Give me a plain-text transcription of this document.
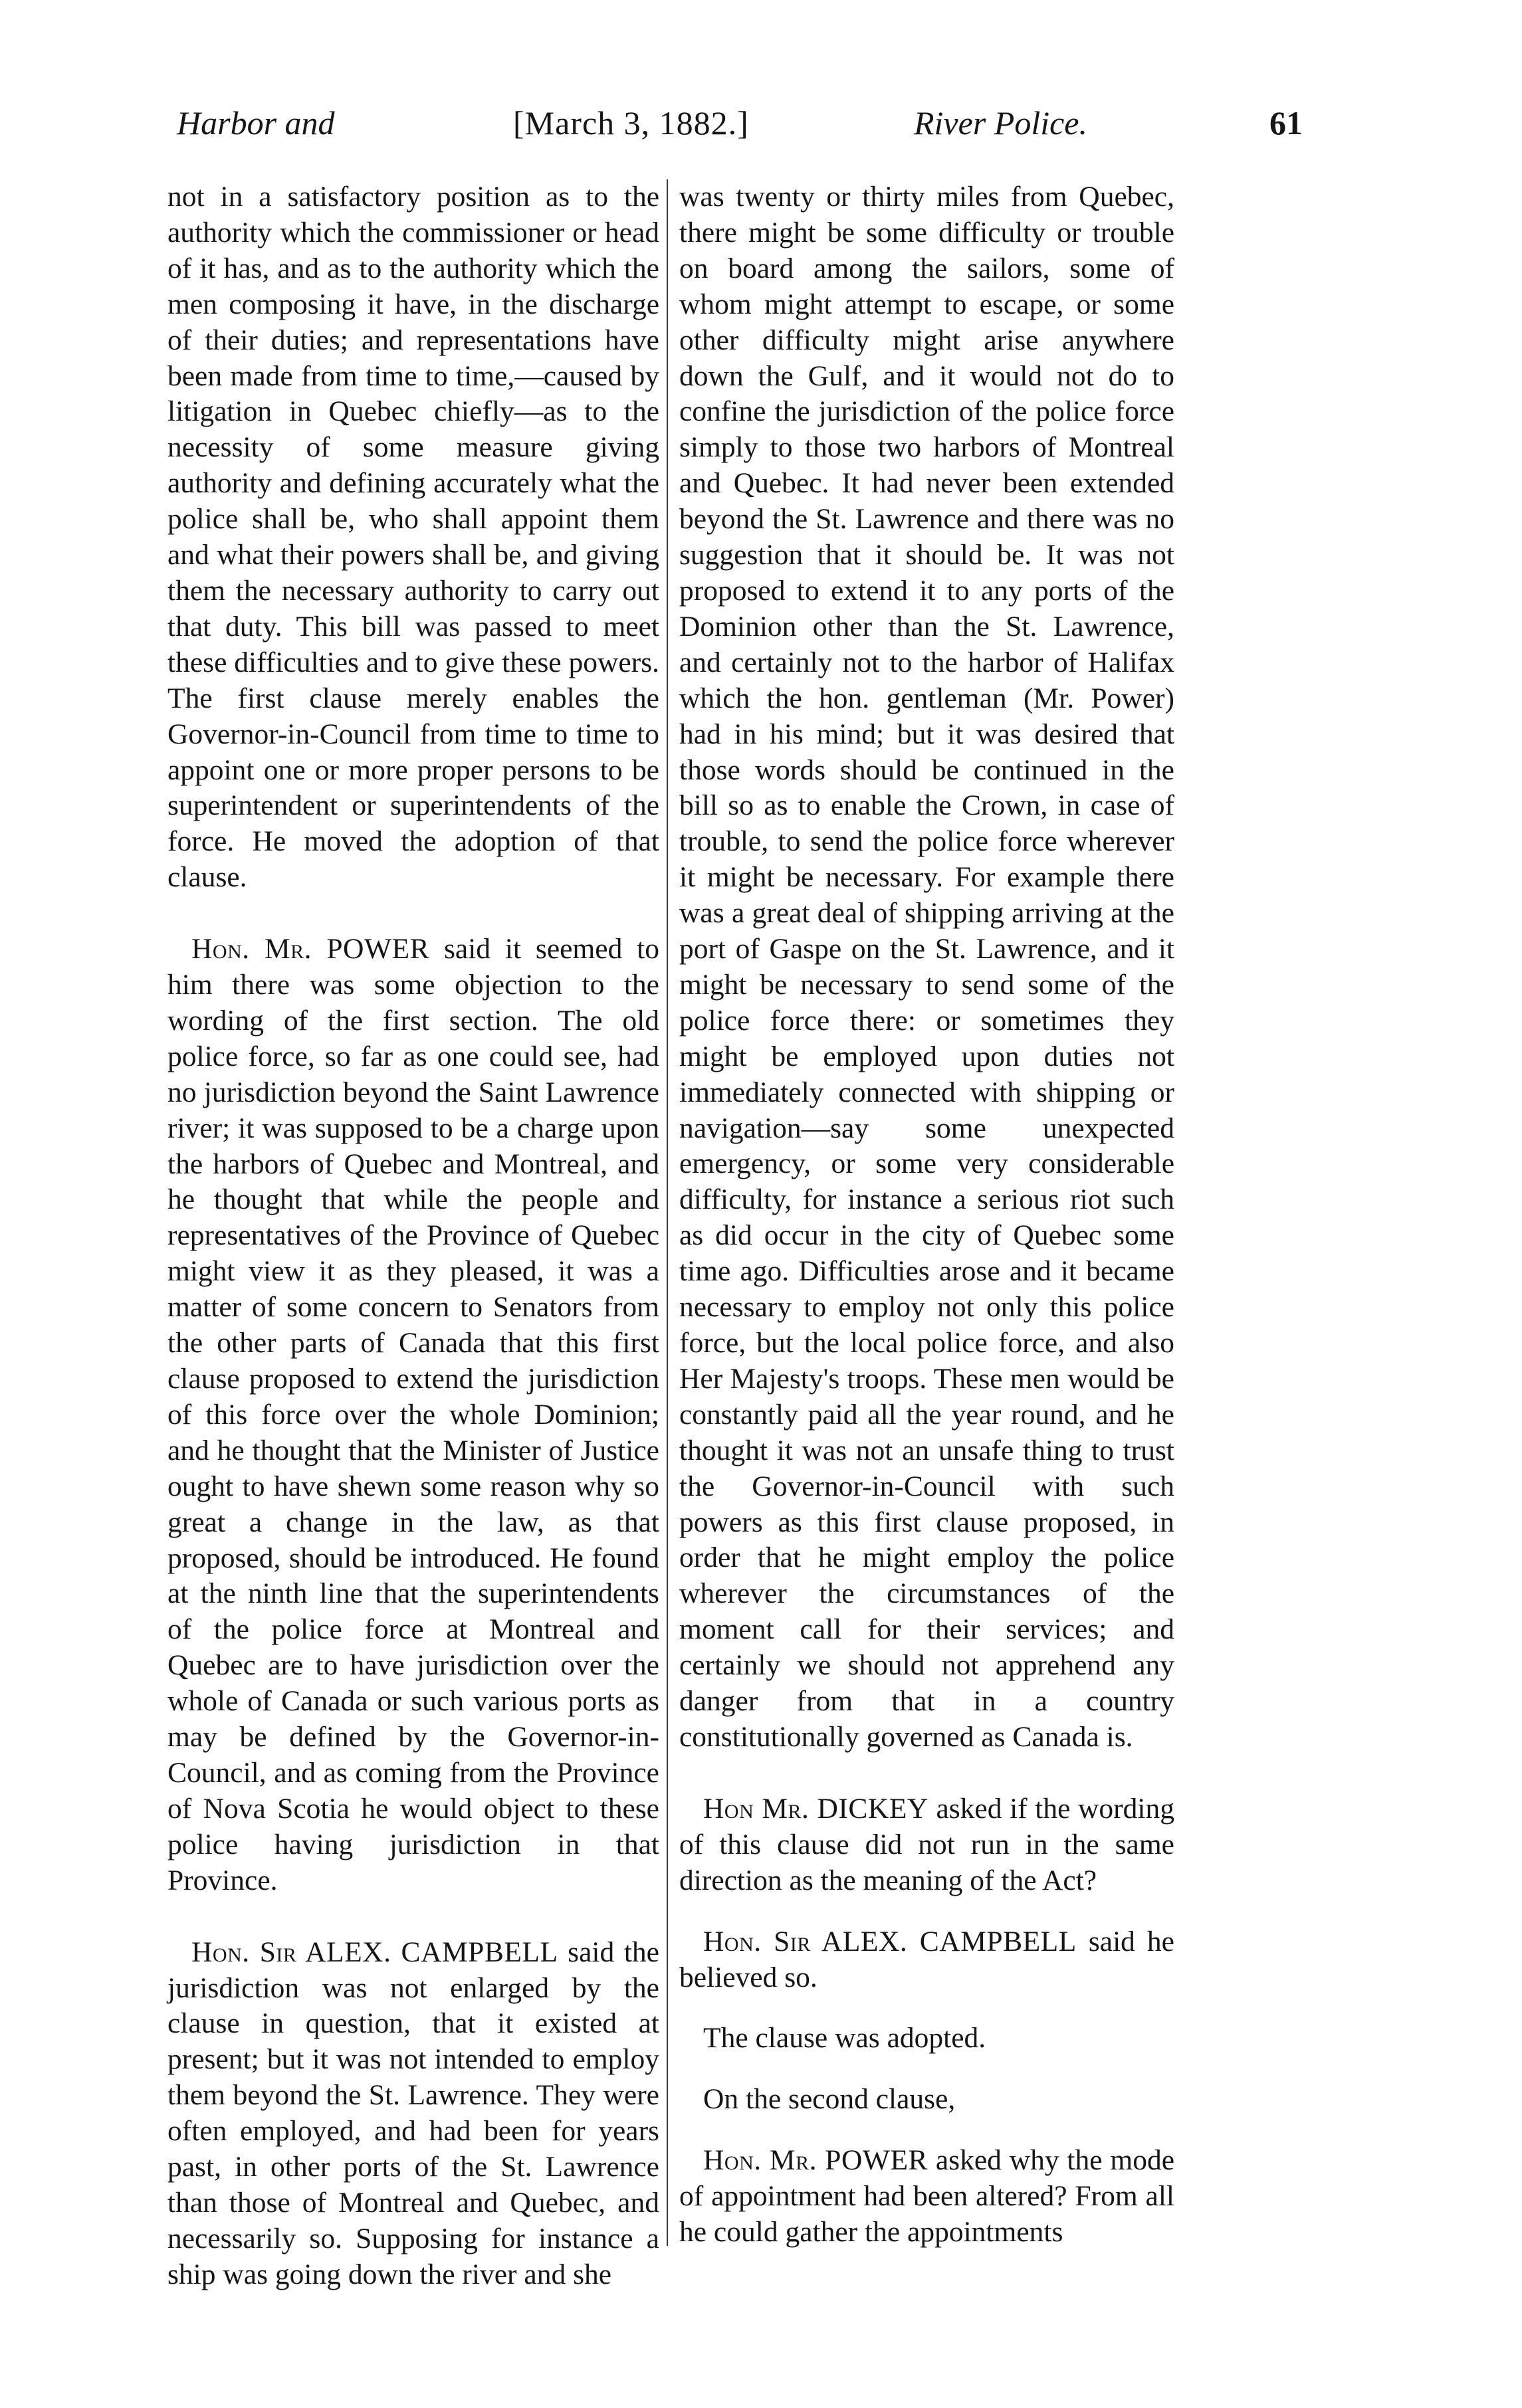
Harbor and	[March 3, 1882.]	River Police.	61

not in a satisfactory position as to the authority which the commissioner or head of it has, and as to the authority which the men composing it have, in the discharge of their duties; and representations have been made from time to time,—caused by litigation in Quebec chiefly—as to the necessity of some measure giving authority and defining accurately what the police shall be, who shall appoint them and what their powers shall be, and giving them the necessary authority to carry out that duty. This bill was passed to meet these difficulties and to give these powers. The first clause merely enables the Governor-in-Council from time to time to appoint one or more proper persons to be superintendent or superintendents of the force. He moved the adoption of that clause.

Hon. Mr. POWER said it seemed to him there was some objection to the wording of the first section. The old police force, so far as one could see, had no jurisdiction beyond the Saint Lawrence river; it was supposed to be a charge upon the harbors of Quebec and Montreal, and he thought that while the people and representatives of the Province of Quebec might view it as they pleased, it was a matter of some concern to Senators from the other parts of Canada that this first clause proposed to extend the jurisdiction of this force over the whole Dominion; and he thought that the Minister of Justice ought to have shewn some reason why so great a change in the law, as that proposed, should be introduced. He found at the ninth line that the superintendents of the police force at Montreal and Quebec are to have jurisdiction over the whole of Canada or such various ports as may be defined by the Governor-in-Council, and as coming from the Province of Nova Scotia he would object to these police having jurisdiction in that Province.

Hon. Sir ALEX. CAMPBELL said the jurisdiction was not enlarged by the clause in question, that it existed at present; but it was not intended to employ them beyond the St. Lawrence. They were often employed, and had been for years past, in other ports of the St. Lawrence than those of Montreal and Quebec, and necessarily so. Supposing for instance a ship was going down the river and she

was twenty or thirty miles from Quebec, there might be some difficulty or trouble on board among the sailors, some of whom might attempt to escape, or some other difficulty might arise anywhere down the Gulf, and it would not do to confine the jurisdiction of the police force simply to those two harbors of Montreal and Quebec. It had never been extended beyond the St. Lawrence and there was no suggestion that it should be. It was not proposed to extend it to any ports of the Dominion other than the St. Lawrence, and certainly not to the harbor of Halifax which the hon. gentleman (Mr. Power) had in his mind; but it was desired that those words should be continued in the bill so as to enable the Crown, in case of trouble, to send the police force wherever it might be necessary. For example there was a great deal of shipping arriving at the port of Gaspe on the St. Lawrence, and it might be necessary to send some of the police force there: or sometimes they might be employed upon duties not immediately connected with shipping or navigation—say some unexpected emergency, or some very considerable difficulty, for instance a serious riot such as did occur in the city of Quebec some time ago. Difficulties arose and it became necessary to employ not only this police force, but the local police force, and also Her Majesty's troops. These men would be constantly paid all the year round, and he thought it was not an unsafe thing to trust the Governor-in-Council with such powers as this first clause proposed, in order that he might employ the police wherever the circumstances of the moment call for their services; and certainly we should not apprehend any danger from that in a country constitutionally governed as Canada is.

Hon Mr. DICKEY asked if the wording of this clause did not run in the same direction as the meaning of the Act?

Hon. Sir ALEX. CAMPBELL said he believed so.

The clause was adopted.

On the second clause,

Hon. Mr. POWER asked why the mode of appointment had been altered? From all he could gather the appointments
